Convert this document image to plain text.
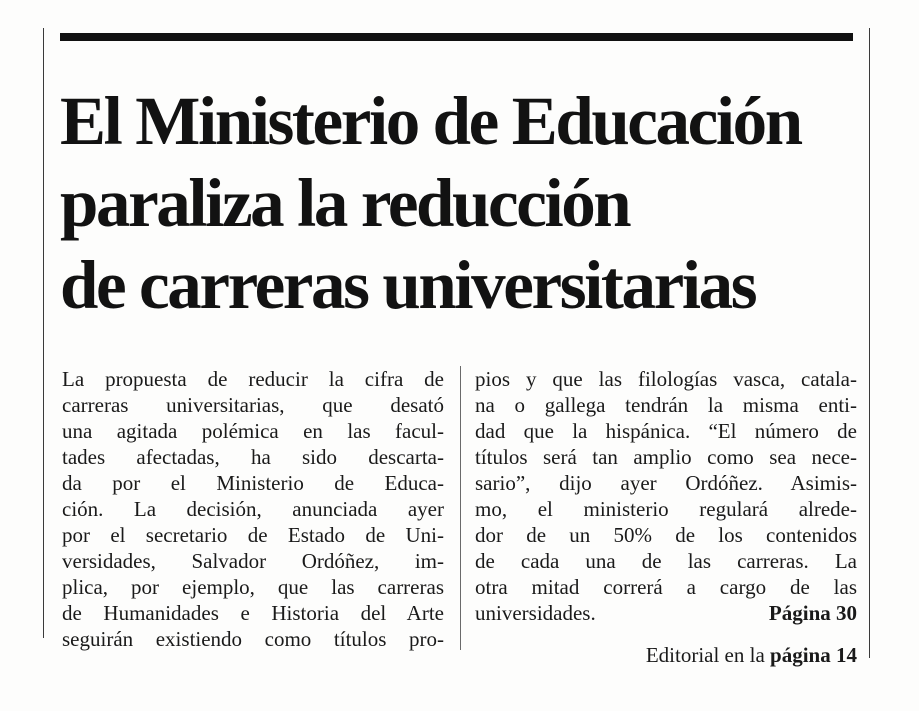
El Ministerio de Educación
paraliza la reducción
de carreras universitarias
La propuesta de reducir la cifra de
carreras universitarias, que desató
una agitada polémica en las facul-
tades afectadas, ha sido descarta-
da por el Ministerio de Educa-
ción. La decisión, anunciada ayer
por el secretario de Estado de Uni-
versidades, Salvador Ordóñez, im-
plica, por ejemplo, que las carreras
de Humanidades e Historia del Arte
seguirán existiendo como títulos pro-
pios y que las filologías vasca, catala-
na o gallega tendrán la misma enti-
dad que la hispánica. “El número de
títulos será tan amplio como sea nece-
sario”, dijo ayer Ordóñez. Asimis-
mo, el ministerio regulará alrede-
dor de un 50% de los contenidos
de cada una de las carreras. La
otra mitad correrá a cargo de las
universidades.	Página 30
Editorial en la página 14
